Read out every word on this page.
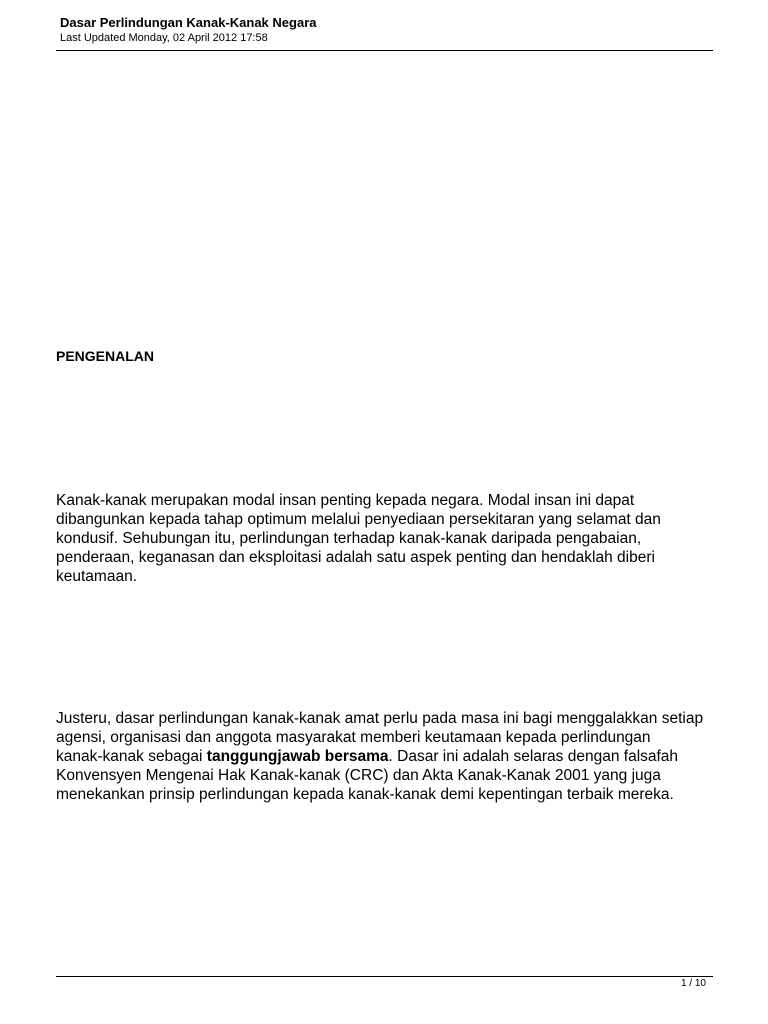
Dasar Perlindungan Kanak-Kanak Negara
Last Updated Monday, 02 April 2012 17:58
PENGENALAN

Kanak-kanak merupakan modal insan penting kepada negara. Modal insan ini dapat
dibangunkan kepada tahap optimum melalui penyediaan persekitaran yang selamat dan
kondusif. Sehubungan itu, perlindungan terhadap kanak-kanak daripada pengabaian,
penderaan, keganasan dan eksploitasi adalah satu aspek penting dan hendaklah diberi
keutamaan.

Justeru, dasar perlindungan kanak-kanak amat perlu pada masa ini bagi menggalakkan setiap
agensi, organisasi dan anggota masyarakat memberi keutamaan kepada perlindungan
kanak-kanak sebagai tanggungjawab bersama. Dasar ini adalah selaras dengan falsafah
Konvensyen Mengenai Hak Kanak-kanak (CRC) dan Akta Kanak-Kanak 2001 yang juga
menekankan prinsip perlindungan kepada kanak-kanak demi kepentingan terbaik mereka.

1 / 10
